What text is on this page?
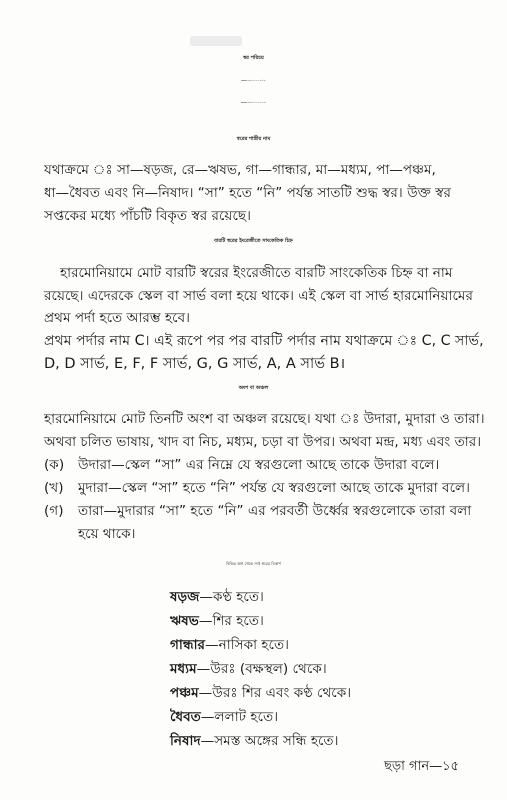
স্বর পরিচয়
আরোহণ ঃ সা রে গা মা পা ধা নি র্সা,
অবরোহণ ঃ র্সা নি ধা পা মা গা রে সা,
স্বরের শাস্ত্রীয় নাম
যথাক্রমে ঃ সা—ষড়জ, রে—ঋষভ, গা—গান্ধার, মা—মধ্যম, পা—পঞ্চম,
ধা—ধৈবত এবং নি—নিষাদ। “সা” হতে “নি” পর্যন্ত সাতটি শুদ্ধ স্বর। উক্ত স্বর
সপ্তকের মধ্যে পাঁচটি বিকৃত স্বর রয়েছে।
বারটি স্বরের ইংরেজীতে সাংকেতিক চিহ্ন
হারমোনিয়ামে মোট বারটি স্বরের ইংরেজীতে বারটি সাংকেতিক চিহ্ন বা নাম
রয়েছে। এদেরকে স্কেল বা সার্ভ বলা হয়ে থাকে। এই স্কেল বা সার্ভ হারমোনিয়ামের
প্রথম পর্দা হতে আরম্ভ হবে।
প্রথম পর্দার নাম C। এই রূপে পর পর বারটি পর্দার নাম যথাক্রমে ঃ C, C সার্ভ,
D, D সার্ভ, E, F, F সার্ভ, G, G সার্ভ, A, A সার্ভ B।
অংশ বা অঞ্চল
হারমোনিয়ামে মোট তিনটি অংশ বা অঞ্চল রয়েছে। যথা ঃ উদারা, মুদারা ও তারা।
অথবা চলিত ভাষায়, খাদ বা নিচ, মধ্যম, চড়া বা উপর। অথবা মন্দ্র, মধ্য এবং তার।
(ক) উদারা—স্কেল “সা” এর নিম্নে যে স্বরগুলো আছে তাকে উদারা বলে।
(খ) মুদারা—স্কেল “সা” হতে “নি” পর্যন্ত যে স্বরগুলো আছে তাকে মুদারা বলে।
(গ) তারা—মুদারার “সা” হতে “নি” এর পরবর্তী উর্ধ্বের স্বরগুলোকে তারা বলা
হয়ে থাকে।
বিভিন্ন অঙ্গ থেকে সপ্ত স্বরের বিকাশ
ষড়জ—কণ্ঠ হতে।
ঋষভ—শির হতে।
গান্ধার—নাসিকা হতে।
মধ্যম—উরঃ (বক্ষস্থল) থেকে।
পঞ্চম—উরঃ শির এবং কণ্ঠ থেকে।
ধৈবত—ললাট হতে।
নিষাদ—সমস্ত অঙ্গের সন্ধি হতে।
ছড়া গান—১৫
